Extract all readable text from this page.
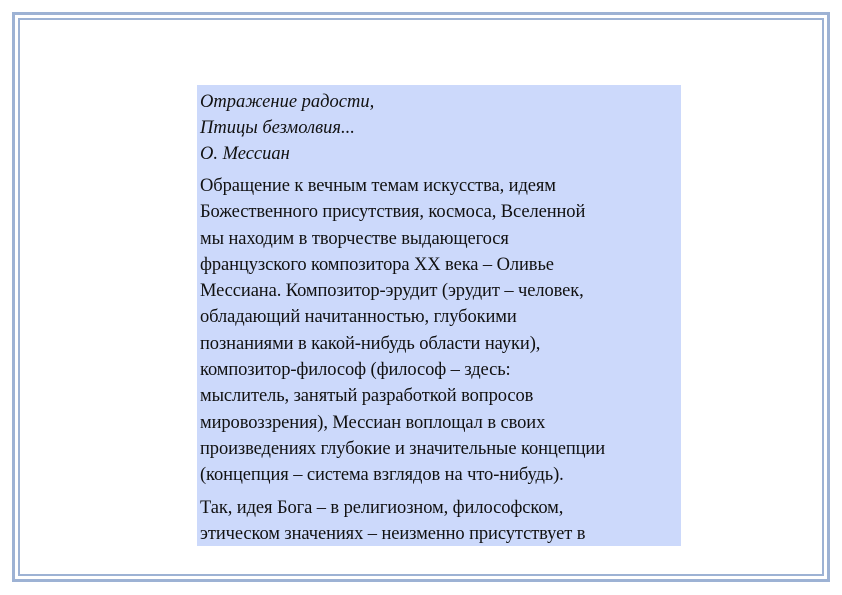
Отражение радости,
Птицы безмолвия...
О. Мессиан
Обращение к вечным темам искусства, идеям
Божественного присутствия, космоса, Вселенной
мы находим в творчестве выдающегося
французского композитора XX века – Оливье
Мессиана. Композитор-эрудит (эрудит – человек,
обладающий начитанностью, глубокими
познаниями в какой-нибудь области науки),
композитор-философ (философ – здесь:
мыслитель, занятый разработкой вопросов
мировоззрения), Мессиан воплощал в своих
произведениях глубокие и значительные концепции
(концепция – система взглядов на что-нибудь).
Так, идея Бога – в религиозном, философском,
этическом значениях – неизменно присутствует в
